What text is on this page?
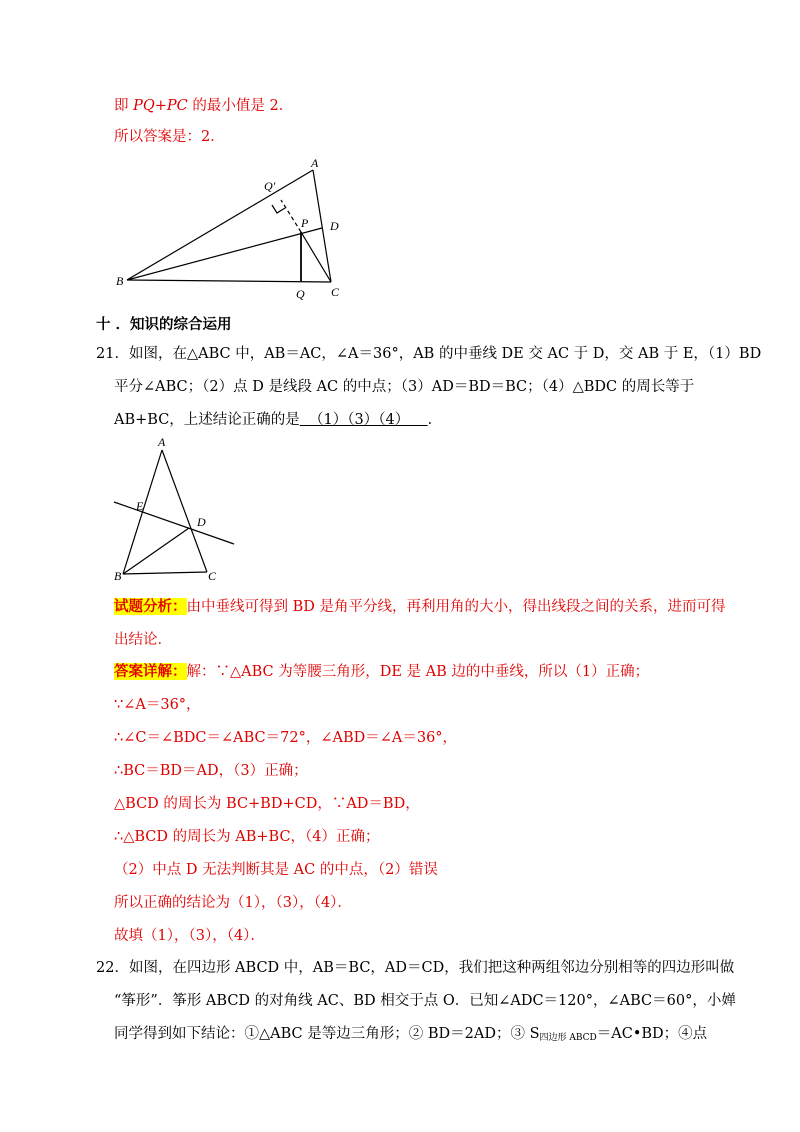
即 PQ+PC 的最小值是 2．
所以答案是：2．
A
Q′
P D
B
Q C
十 ．知识的综合运用
21．如图，在△ABC 中，AB＝AC，∠A＝36°，AB 的中垂线 DE 交 AC 于 D，交 AB 于 E，（1）BD
平分∠ABC；（2）点 D 是线段 AC 的中点；（3）AD＝BD＝BC；（4）△BDC 的周长等于
AB+BC，上述结论正确的是  （1）（3）（4）    ．
A
E
D
B	C
试题分析：由中垂线可得到 BD 是角平分线，再利用角的大小，得出线段之间的关系，进而可得
出结论．
答案详解：解：∵△ABC 为等腰三角形，DE 是 AB 边的中垂线，所以（1）正确；
∵∠A＝36°，
∴∠C＝∠BDC＝∠ABC＝72°，∠ABD＝∠A＝36°，
∴BC＝BD＝AD，（3）正确；
△BCD 的周长为 BC+BD+CD，∵AD＝BD，
∴△BCD 的周长为 AB+BC，（4）正确；
（2）中点 D 无法判断其是 AC 的中点，（2）错误
所以正确的结论为（1），（3），（4）．
故填（1），（3），（4）．
22．如图，在四边形 ABCD 中，AB＝BC，AD＝CD，我们把这种两组邻边分别相等的四边形叫做
“筝形”．筝形 ABCD 的对角线 AC、BD 相交于点 O．已知∠ADC＝120°，∠ABC＝60°，小婵
同学得到如下结论：①△ABC 是等边三角形；② BD＝2AD；③ $S_{四边形 ABCD}=AC•BD$；④点
